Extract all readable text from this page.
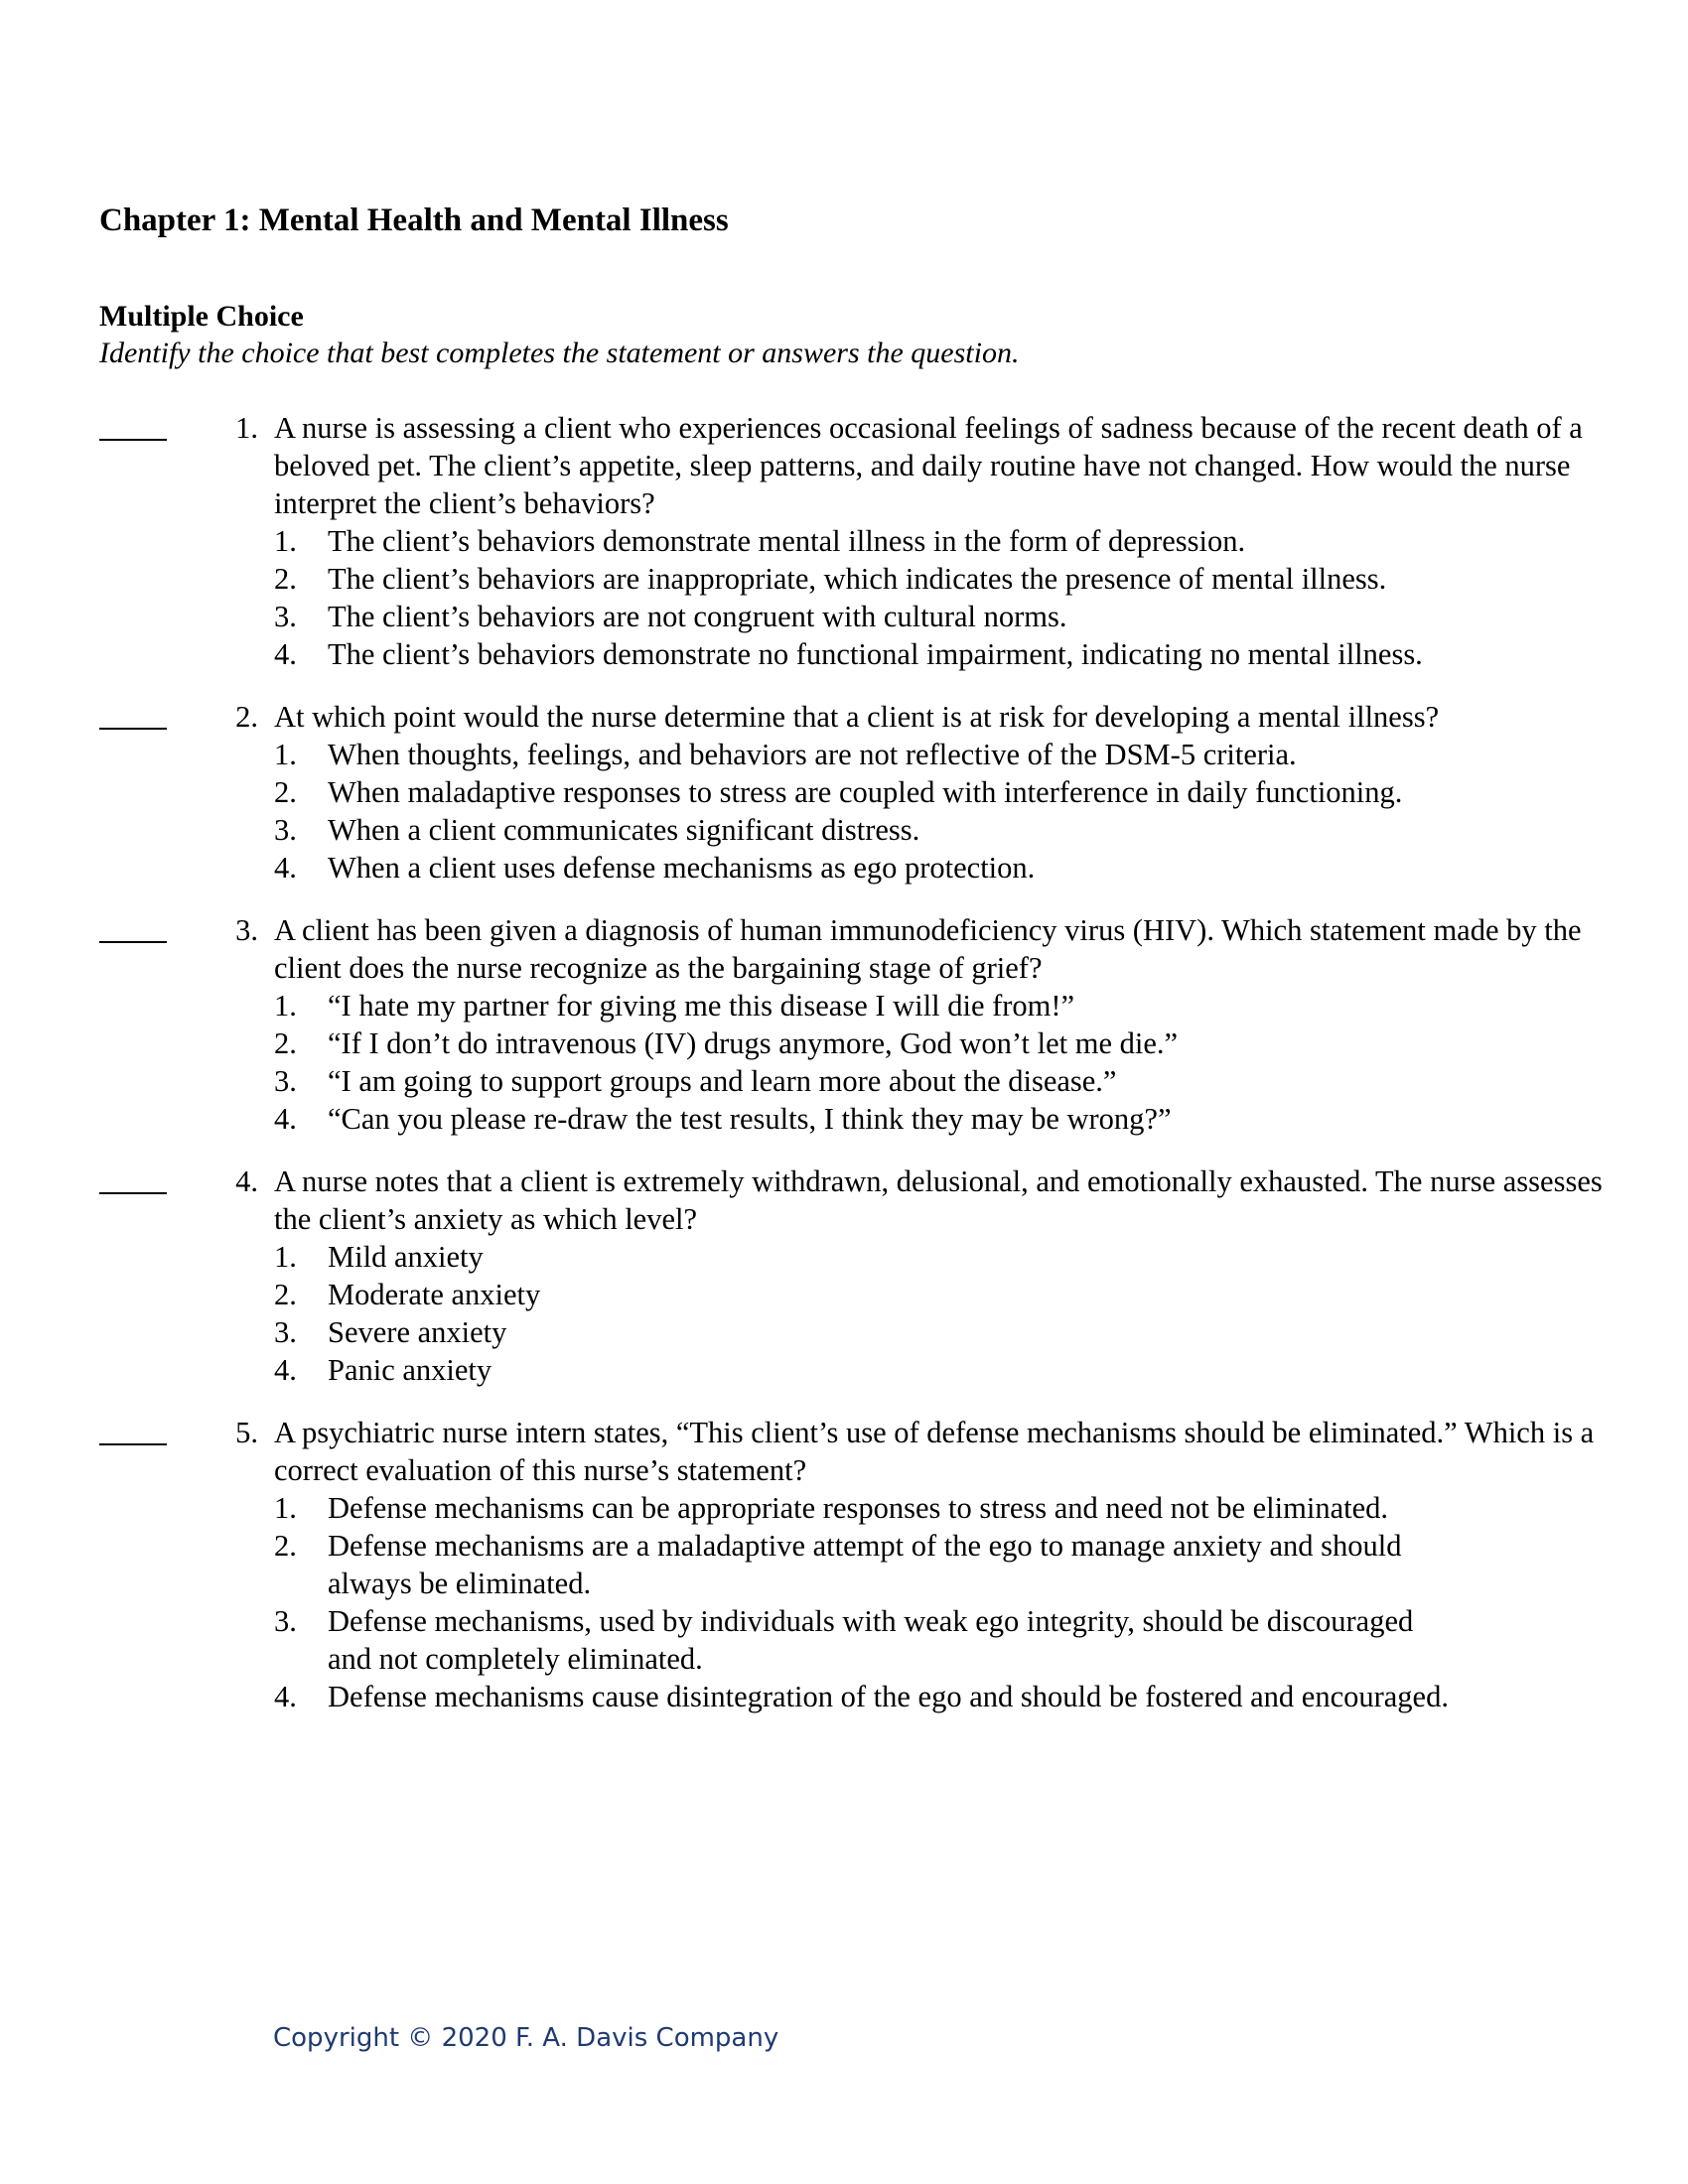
Chapter 1: Mental Health and Mental Illness
Multiple Choice

Identify the choice that best completes the statement or answers the question.

1. A nurse is assessing a client who experiences occasional feelings of sadness because of the recent death of a beloved pet. The client’s appetite, sleep patterns, and daily routine have not changed. How would the nurse interpret the client’s behaviors?

1. The client’s behaviors demonstrate mental illness in the form of depression.
2. The client’s behaviors are inappropriate, which indicates the presence of mental illness.
3. The client’s behaviors are not congruent with cultural norms.
4. The client’s behaviors demonstrate no functional impairment, indicating no mental illness.
2. At which point would the nurse determine that a client is at risk for developing a mental illness?

1. When thoughts, feelings, and behaviors are not reflective of the DSM-5 criteria.
2. When maladaptive responses to stress are coupled with interference in daily functioning.
3. When a client communicates significant distress.
4. When a client uses defense mechanisms as ego protection.
3. A client has been given a diagnosis of human immunodeficiency virus (HIV). Which statement made by the client does the nurse recognize as the bargaining stage of grief?

1. “I hate my partner for giving me this disease I will die from!”
2. “If I don’t do intravenous (IV) drugs anymore, God won’t let me die.”
3. “I am going to support groups and learn more about the disease.”
4. “Can you please re-draw the test results, I think they may be wrong?”
4. A nurse notes that a client is extremely withdrawn, delusional, and emotionally exhausted. The nurse assesses the client’s anxiety as which level?

1. Mild anxiety
2. Moderate anxiety
3. Severe anxiety
4. Panic anxiety
5. A psychiatric nurse intern states, “This client’s use of defense mechanisms should be eliminated.” Which is a correct evaluation of this nurse’s statement?

1. Defense mechanisms can be appropriate responses to stress and need not be eliminated.
2. Defense mechanisms are a maladaptive attempt of the ego to manage anxiety and should always be eliminated.
3. Defense mechanisms, used by individuals with weak ego integrity, should be discouraged and not completely eliminated.
4. Defense mechanisms cause disintegration of the ego and should be fostered and encouraged.
Copyright © 2020 F. A. Davis Company
